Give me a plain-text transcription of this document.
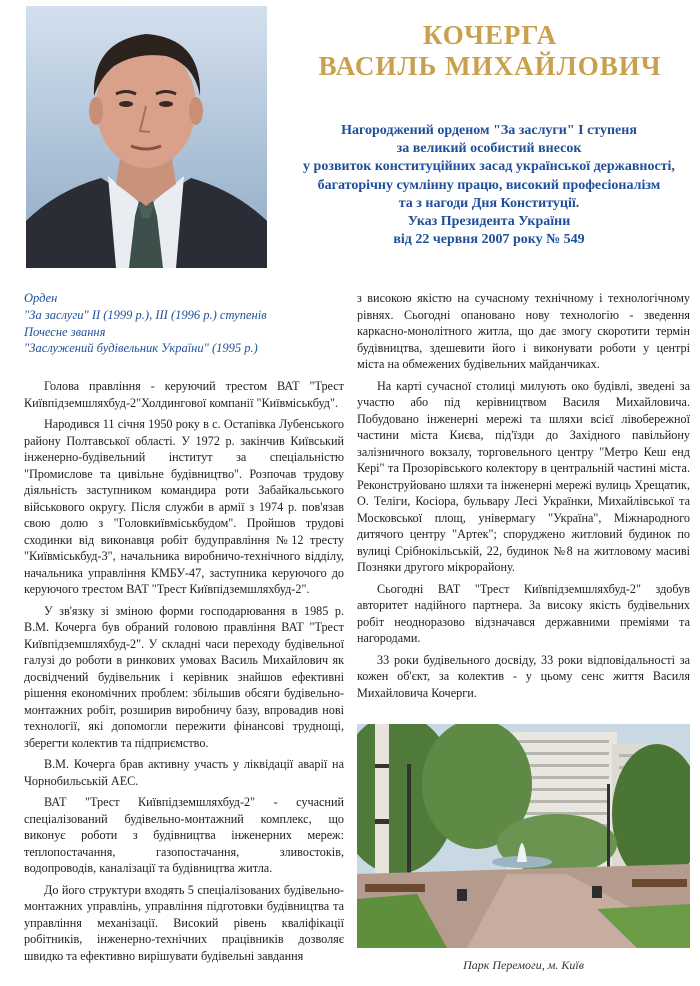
КОЧЕРГА
ВАСИЛЬ МИХАЙЛОВИЧ
Нагороджений орденом "За заслуги" I ступеня
за великий особистий внесок
у розвиток конституційних засад української державності,
багаторічну сумлінну працю, високий професіоналізм
та з нагоди Дня Конституції.
Указ Президента України
від 22 червня 2007 року № 549
Орден
"За заслуги" II (1999 р.), III (1996 р.) ступенів
Почесне звання
"Заслужений будівельник України" (1995 р.)

Голова правління - керуючий трестом ВАТ "Трест Київпідземшляхбуд-2"Холдингової компанії "Київміськбуд".

Народився 11 січня 1950 року в с. Остапівка Лубенського району Полтавської області. У 1972 р. закінчив Київський інженерно-будівельний інститут за спеціальністю "Промислове та цивільне будівництво". Розпочав трудову діяльність заступником командира роти Забайкальського військового округу. Після служби в армії з 1974 р. пов'язав свою долю з "Головкиївміськбудом". Пройшов трудові сходинки від виконавця робіт будуправління №12 тресту "Київміськбуд-3", начальника виробничо-технічного відділу, начальника управління КМБУ-47, заступника керуючого до керуючого трестом ВАТ "Трест Київпідземшляхбуд-2".

У зв'язку зі зміною форми господарювання в 1985 р. В.М. Кочерга був обраний головою правління ВАТ "Трест Київпідземшляхбуд-2". У складні часи переходу будівельної галузі до роботи в ринкових умовах Василь Михайлович як досвідчений будівельник і керівник знайшов ефективні рішення економічних проблем: збільшив обсяги будівельно-монтажних робіт, розширив виробничу базу, впровадив нові технології, які допомогли пережити фінансові труднощі, зберегти колектив та підприємство.

В.М. Кочерга брав активну участь у ліквідації аварії на Чорнобильській АЕС.

ВАТ "Трест Київпідземшляхбуд-2" - сучасний спеціалізований будівельно-монтажний комплекс, що виконує роботи з будівництва інженерних мереж: теплопостачання, газопостачання, зливостоків, водопроводів, каналізації та будівництва житла.

До його структури входять 5 спеціалізованих будівельно-монтажних управлінь, управління підготовки будівництва та управління механізації. Високий рівень кваліфікації робітників, інженерно-технічних працівників дозволяє швидко та ефективно вирішувати будівельні завдання

з високою якістю на сучасному технічному і технологічному рівнях. Сьогодні опановано нову технологію - зведення каркасно-монолітного житла, що дає змогу скоротити термін будівництва, здешевити його і виконувати роботи у центрі міста на обмежених будівельних майданчиках.

На карті сучасної столиці милують око будівлі, зведені за участю або під керівництвом Василя Михайловича. Побудовано інженерні мережі та шляхи всієї лівобережної частини міста Києва, під'їзди до Західного павільйону залізничного вокзалу, торговельного центру "Метро Кеш енд Кері" та Прозорівського колектору в центральній частині міста. Реконструйовано шляхи та інженерні мережі вулиць Хрещатик, О. Теліги, Косіора, бульвару Лесі Українки, Михайлівської та Московської площ, універмагу "Україна", Міжнародного дитячого центру "Артек"; споруджено житловий будинок по вулиці Срібнокільській, 22, будинок №8 на житловому масиві Позняки другого мікрорайону.

Сьогодні ВАТ "Трест Київпідземшляхбуд-2" здобув авторитет надійного партнера. За високу якість будівельних робіт неодноразово відзначався державними преміями та нагородами.

33 роки будівельного досвіду, 33 роки відповідальності за кожен об'єкт, за колектив - у цьому сенс життя Василя Михайловича Кочерги.

Парк Перемоги, м. Київ
